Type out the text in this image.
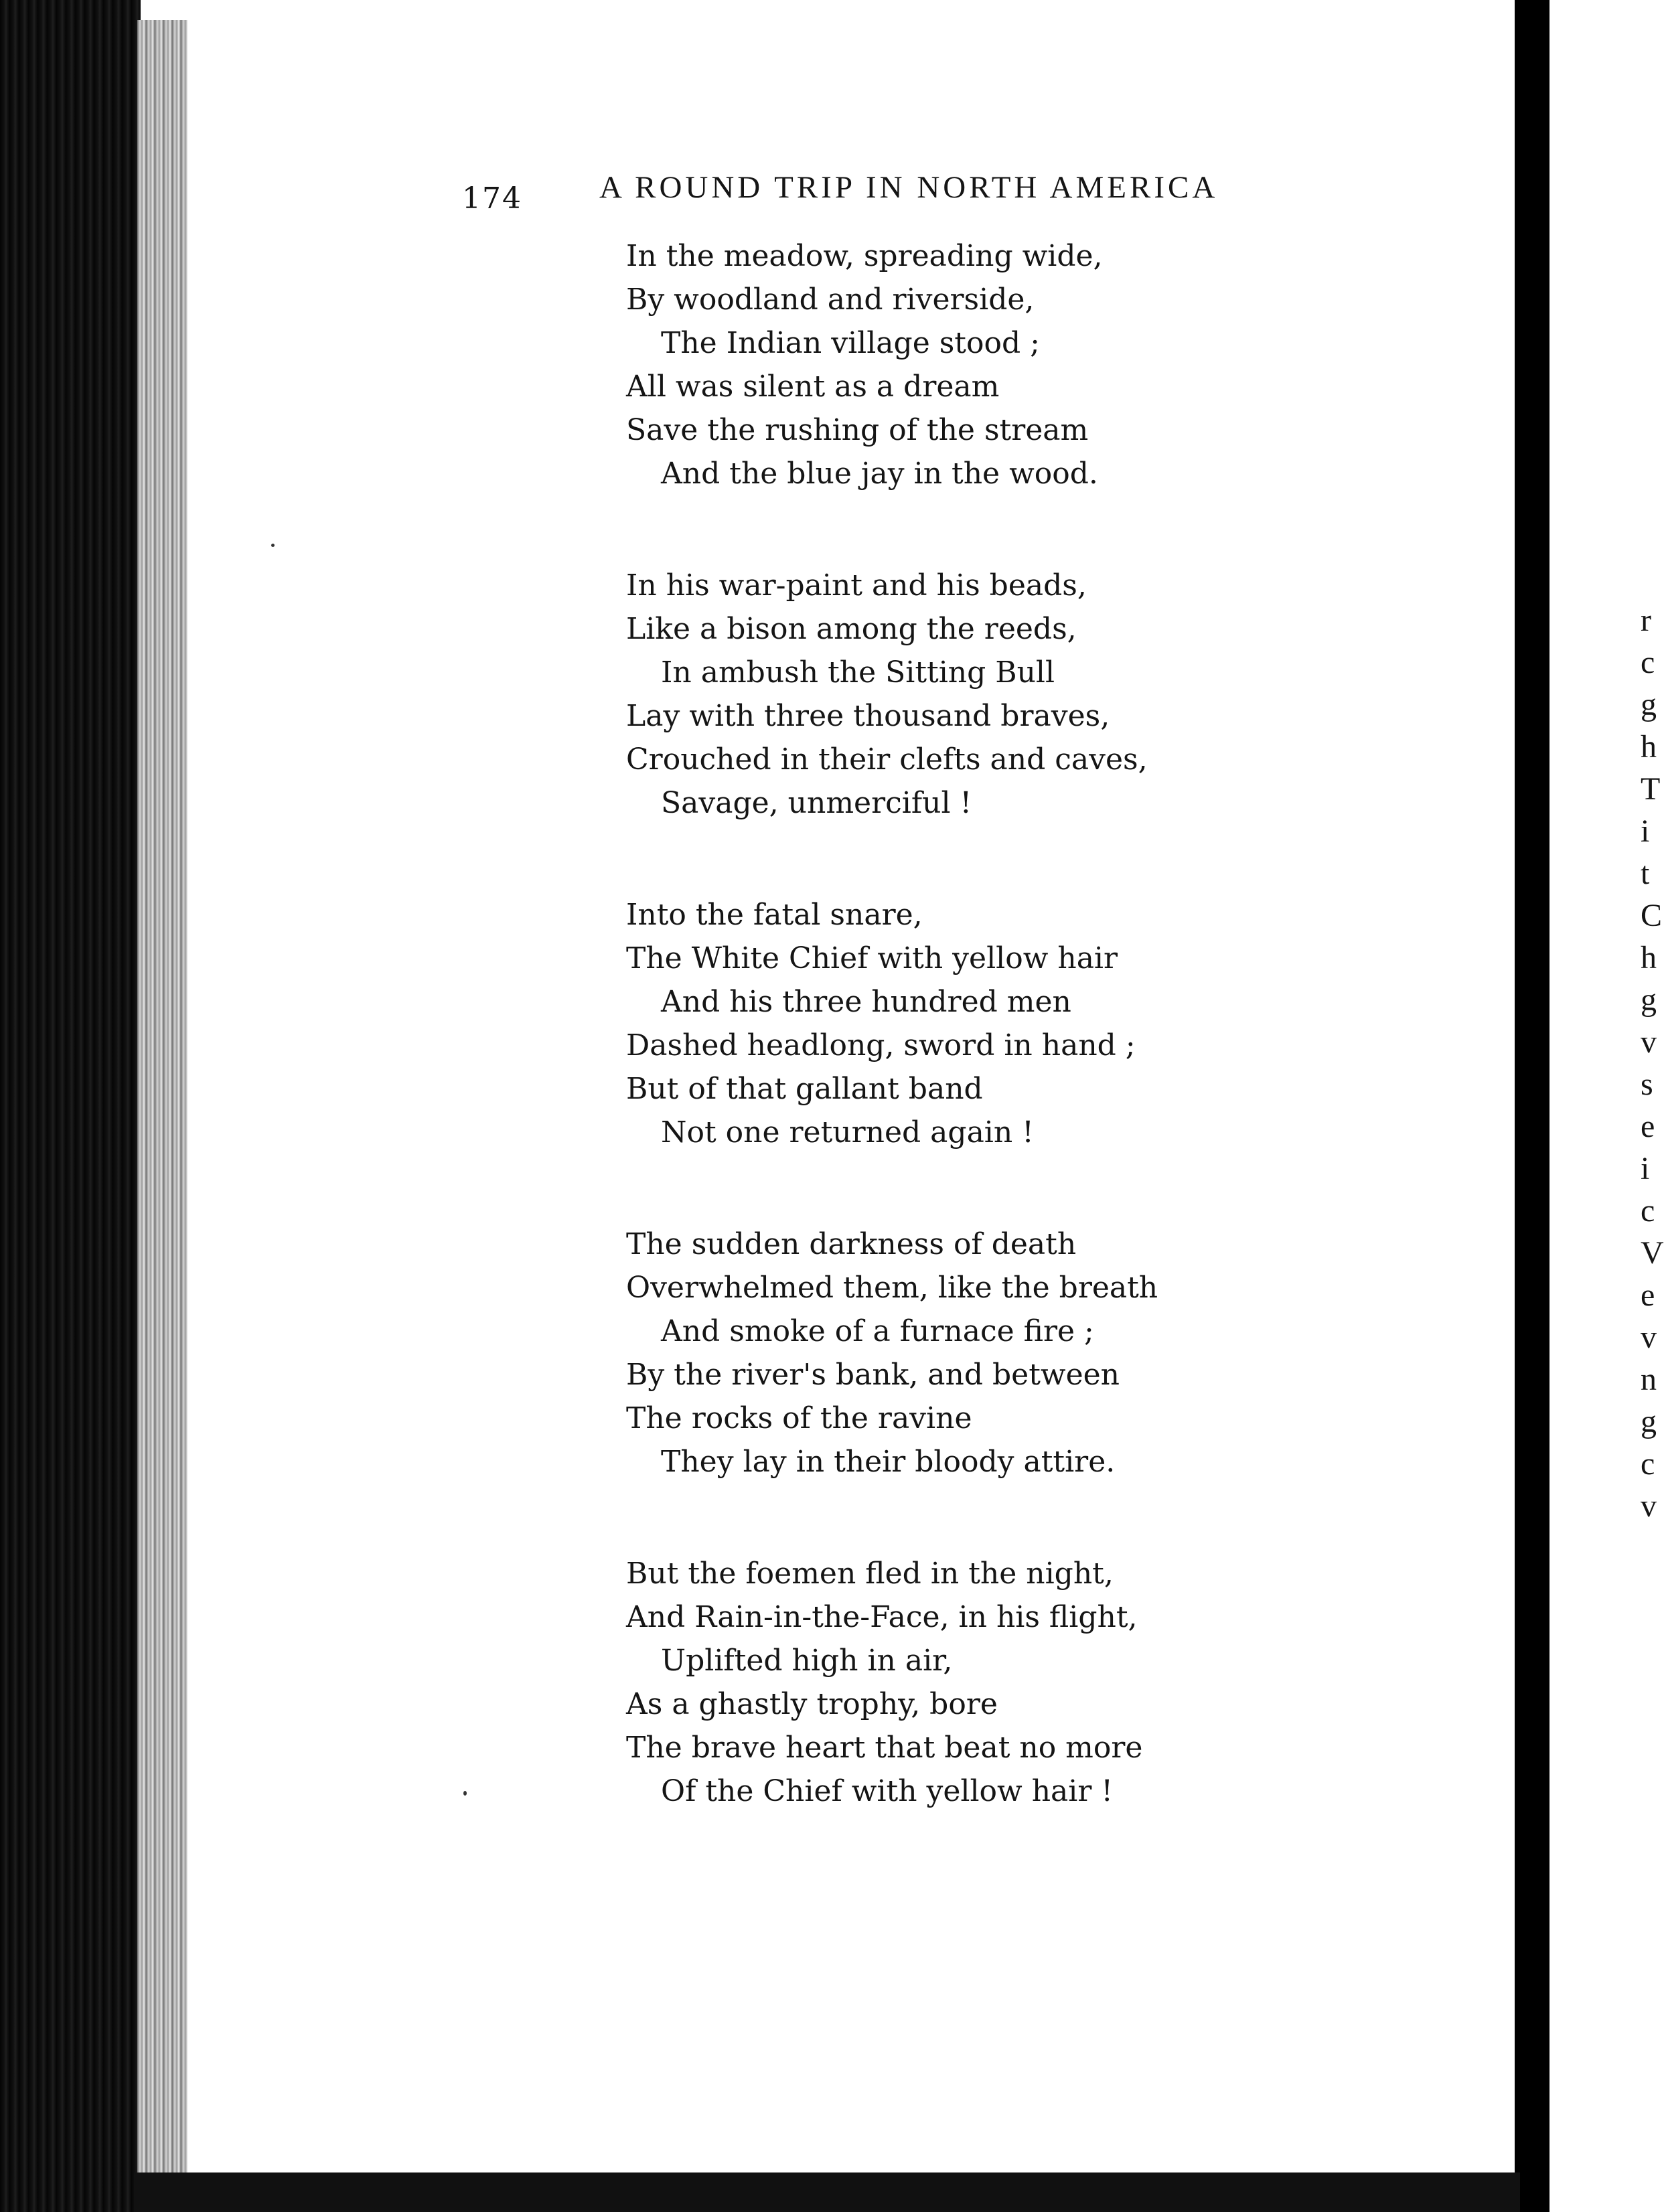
174 A ROUND TRIP IN NORTH AMERICA
In the meadow, spreading wide,
By woodland and riverside,
The Indian village stood ;
All was silent as a dream
Save the rushing of the stream
And the blue jay in the wood.
In his war-paint and his beads,
Like a bison among the reeds,
In ambush the Sitting Bull
Lay with three thousand braves,
Crouched in their clefts and caves,
Savage, unmerciful !
Into the fatal snare,
The White Chief with yellow hair
And his three hundred men
Dashed headlong, sword in hand ;
But of that gallant band
Not one returned again !
The sudden darkness of death
Overwhelmed them, like the breath
And smoke of a furnace fire ;
By the river's bank, and between
The rocks of the ravine
They lay in their bloody attire.
But the foemen fled in the night,
And Rain-in-the-Face, in his flight,
Uplifted high in air,
As a ghastly trophy, bore
The brave heart that beat no more
Of the Chief with yellow hair !
r
c
g
h
T
i
t
C
h
g
v
s
e
i
c
V
e
v
n
g
c
v
